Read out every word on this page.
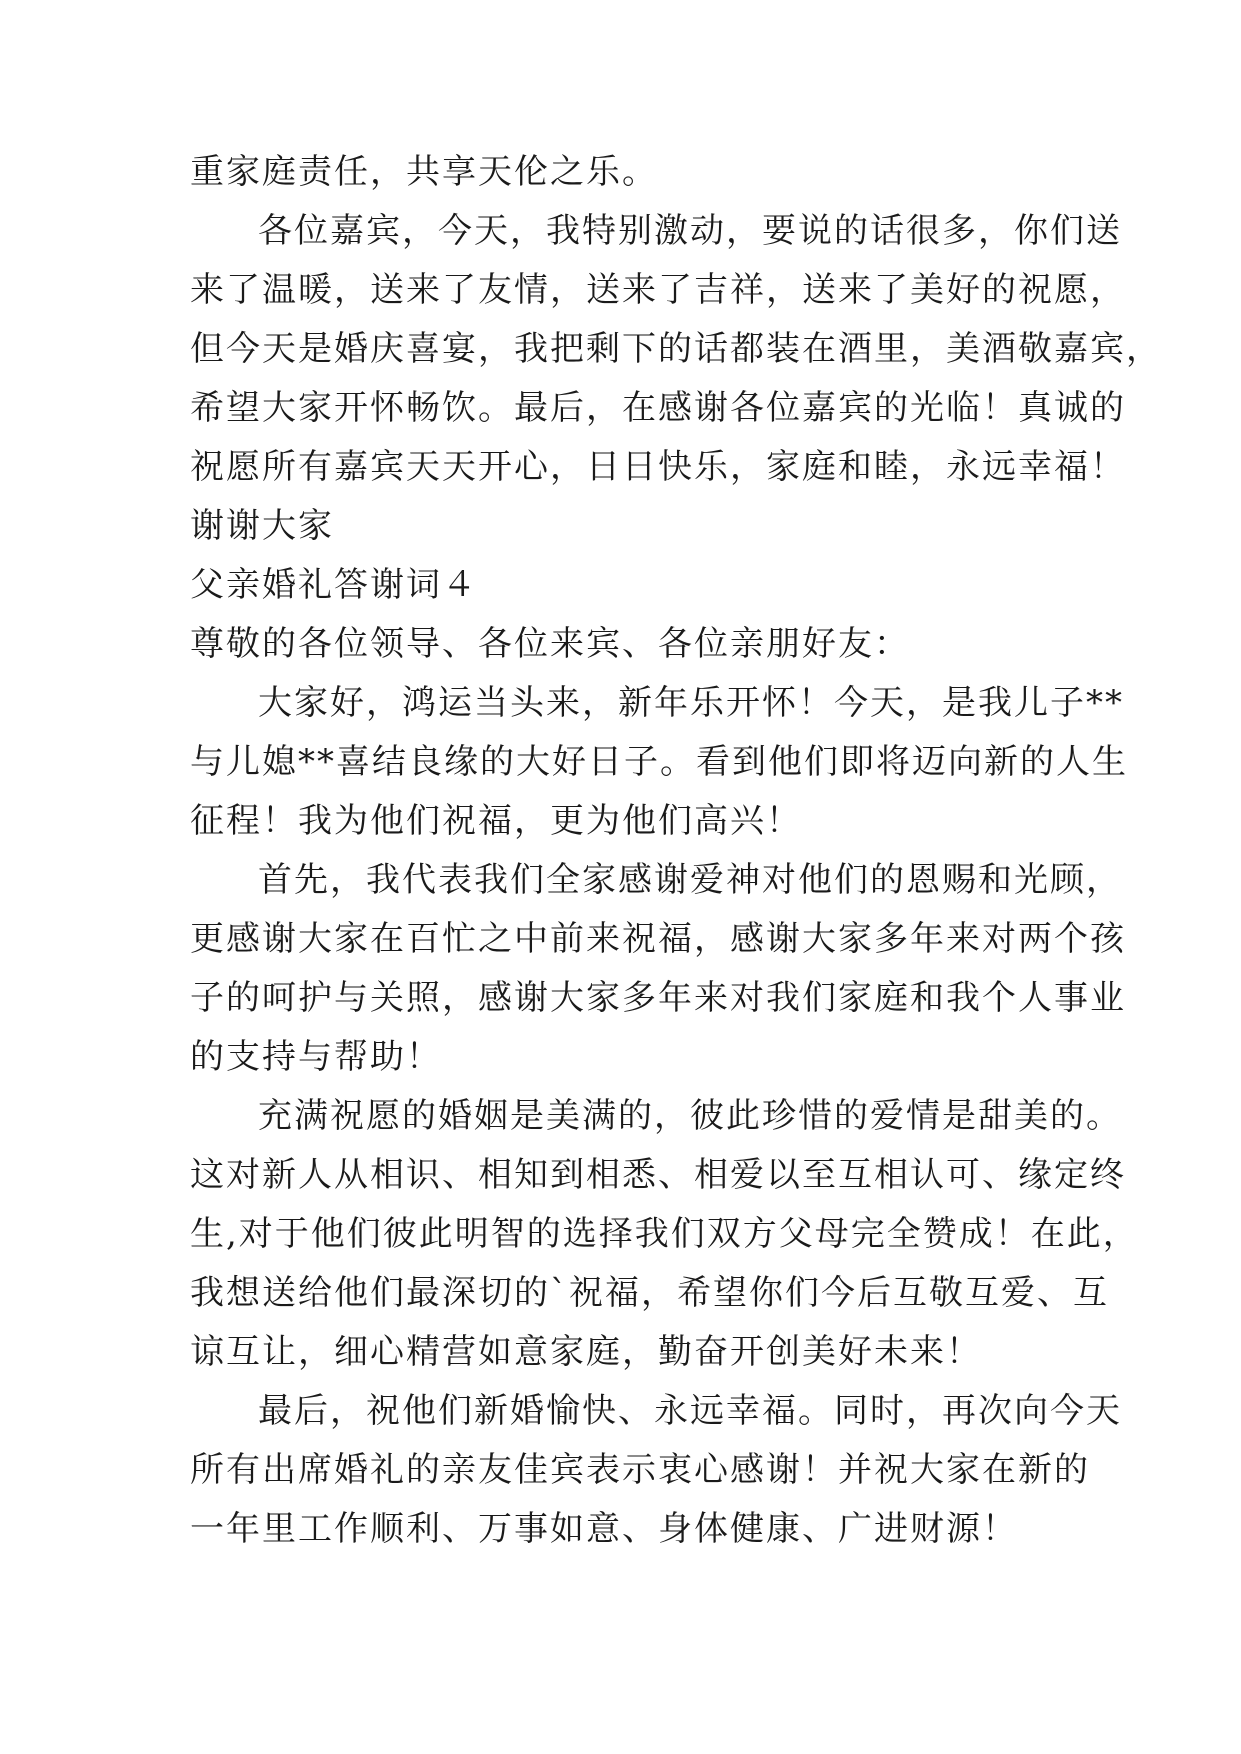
重家庭责任，共享天伦之乐。
各位嘉宾，今天，我特别激动，要说的话很多，你们送
来了温暖，送来了友情，送来了吉祥，送来了美好的祝愿，
但今天是婚庆喜宴，我把剩下的话都装在酒里，美酒敬嘉宾，
希望大家开怀畅饮。最后，在感谢各位嘉宾的光临！真诚的
祝愿所有嘉宾天天开心，日日快乐，家庭和睦，永远幸福！
谢谢大家
父亲婚礼答谢词４
尊敬的各位领导、各位来宾、各位亲朋好友：
大家好，鸿运当头来，新年乐开怀！今天，是我儿子**
与儿媳**喜结良缘的大好日子。看到他们即将迈向新的人生
征程！我为他们祝福，更为他们高兴！
首先，我代表我们全家感谢爱神对他们的恩赐和光顾，
更感谢大家在百忙之中前来祝福，感谢大家多年来对两个孩
子的呵护与关照，感谢大家多年来对我们家庭和我个人事业
的支持与帮助！
充满祝愿的婚姻是美满的，彼此珍惜的爱情是甜美的。
这对新人从相识、相知到相悉、相爱以至互相认可、缘定终
生,对于他们彼此明智的选择我们双方父母完全赞成！在此，
我想送给他们最深切的`祝福，希望你们今后互敬互爱、互
谅互让，细心精营如意家庭，勤奋开创美好未来！
最后，祝他们新婚愉快、永远幸福。同时，再次向今天
所有出席婚礼的亲友佳宾表示衷心感谢！并祝大家在新的
一年里工作顺利、万事如意、身体健康、广进财源！
